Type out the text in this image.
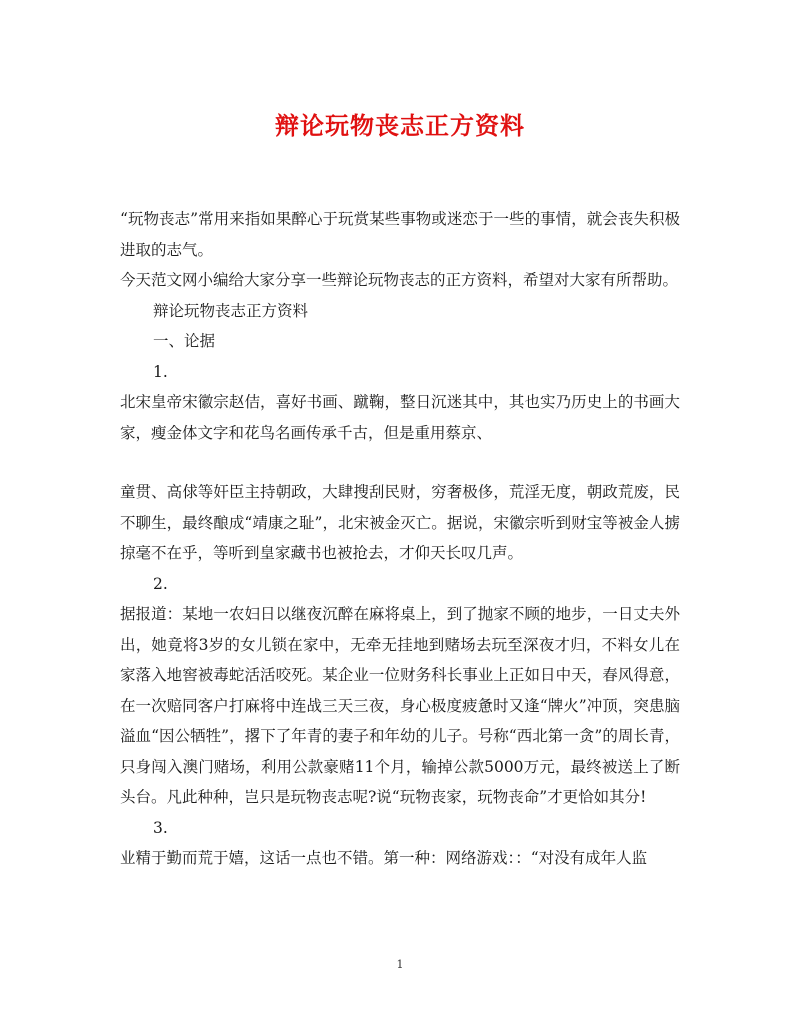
辩论玩物丧志正方资料

“玩物丧志”常用来指如果醉心于玩赏某些事物或迷恋于一些的事情，就会丧失积极进取的志气。

今天范文网小编给大家分享一些辩论玩物丧志的正方资料，希望对大家有所帮助。

辩论玩物丧志正方资料

一、论据

1.

北宋皇帝宋徽宗赵佶，喜好书画、蹴鞠，整日沉迷其中，其也实乃历史上的书画大家，瘦金体文字和花鸟名画传承千古，但是重用蔡京、

童贯、高俅等奸臣主持朝政，大肆搜刮民财，穷奢极侈，荒淫无度，朝政荒废，民不聊生，最终酿成“靖康之耻”，北宋被金灭亡。据说，宋徽宗听到财宝等被金人掳掠毫不在乎，等听到皇家藏书也被抢去，才仰天长叹几声。

2.

据报道：某地一农妇日以继夜沉醉在麻将桌上，到了抛家不顾的地步，一日丈夫外出，她竟将3岁的女儿锁在家中，无牵无挂地到赌场去玩至深夜才归，不料女儿在家落入地窖被毒蛇活活咬死。某企业一位财务科长事业上正如日中天，春风得意，在一次赔同客户打麻将中连战三天三夜，身心极度疲惫时又逢“牌火”冲顶，突患脑溢血“因公牺牲”，撂下了年青的妻子和年幼的儿子。号称“西北第一贪”的周长青，只身闯入澳门赌场，利用公款豪赌11个月，输掉公款5000万元，最终被送上了断头台。凡此种种，岂只是玩物丧志呢?说“玩物丧家，玩物丧命”才更恰如其分!

3.

业精于勤而荒于嬉，这话一点也不错。第一种：网络游戏：：“对没有成年人监

1
